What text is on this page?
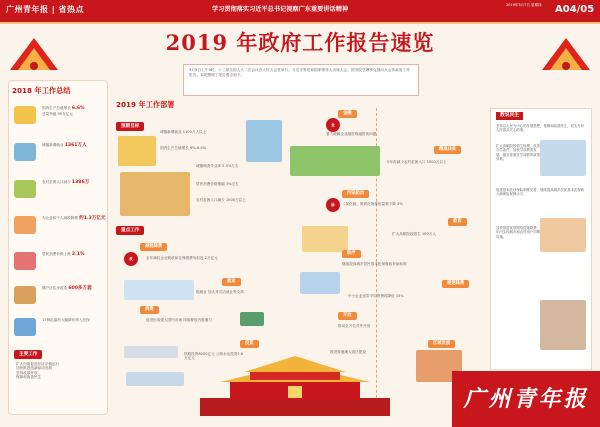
广州青年报 | 省热点	学习贯彻落实习近平总书记视察广东重要讲话精神
2019年3月7日 星期四	A04/05
2019 年政府工作报告速览
3月5日上午9时，十三届全国人大二次会议在人民大会堂举行。习近平等党和国家领导人出席大会。国务院总理李克强向大会作政府工作报告。本报整理了报告要点如下。
2018 年工作总结
国内生产总值增长 6.6%
总量突破 90万亿元
城镇新增就业 1361万人
农村贫困人口减少 1386万
为企业和个人减税降费 约1.3万亿元
居民消费价格上涨 2.1%
棚户区住房改造 600多万套
17种抗癌药大幅降价纳入医保
主要工作
扩大内需促进经济平稳运行
加快推进创新驱动发展
坚持改革开放
保障和改善民生
2019 年工作部署
预期目标
城镇新增就业 1100万人以上
国内生产总值增长 6%-6.5%
城镇调查失业率 5.5%左右
居民消费价格涨幅 3%左右
农村贫困人口减少 1000万以上
重点工作
减税降费
政	全年减轻企业税收和社保缴费负担近 2万亿元
就业
稳就业 加大对灵活就业等支持
消费
促进形成强大国内市场 持续释放内需潜力
投资
铁路投资8000亿元 公路水运投资1.8万亿元
金融
金
着力缓解企业融资难融资贵问题
精准扶贫
今年再减少农村贫困人口 1000万以上
污染防治
绿	二氧化硫、氮氧化物排放量要下降 3%
教育
扩大高职院校招生 100万人
医疗
继续提高城乡居民基本医保财政补助标准
提速降费
中小企业宽带平均资费再降低 15%
开放
推动全方位对外开放
区域发展
推进粤港澳大湾区建设
数说民生
坚持以人民为中心的发展思想，保障和改善民生，切实办好人民群众关心的事。
扩大高职院校招生规模，改善办学条件，加快学前教育发展，健全普惠性学前教育政策体系。
促进基本医疗保险制度完善，继续提高城乡居民基本医保和大病保险保障水平。
加快推进宽带网络提速降费，年内实现城市和农村用户同网同速。
广州青年报
